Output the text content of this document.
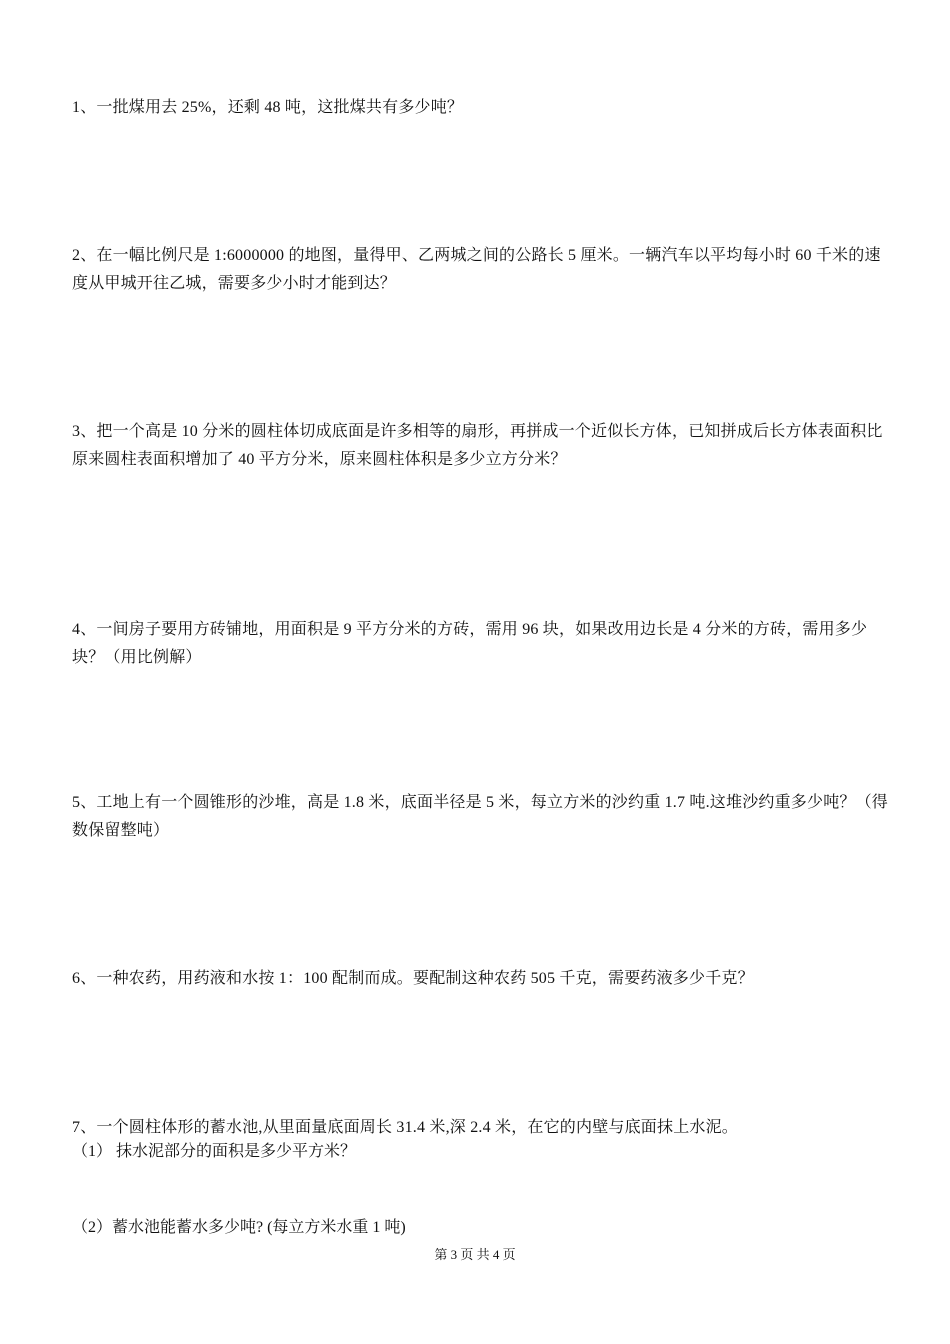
1、一批煤用去 25%，还剩 48 吨，这批煤共有多少吨？

2、在一幅比例尺是 1:6000000 的地图，量得甲、乙两城之间的公路长 5 厘米。一辆汽车以平均每小时 60 千米的速度从甲城开往乙城，需要多少小时才能到达？

3、把一个高是 10 分米的圆柱体切成底面是许多相等的扇形，再拼成一个近似长方体，已知拼成后长方体表面积比原来圆柱表面积增加了 40 平方分米，原来圆柱体积是多少立方分米？

4、一间房子要用方砖铺地，用面积是 9 平方分米的方砖，需用 96 块，如果改用边长是 4 分米的方砖，需用多少块？（用比例解）

5、工地上有一个圆锥形的沙堆，高是 1.8 米，底面半径是 5 米，每立方米的沙约重 1.7 吨.这堆沙约重多少吨？（得数保留整吨）

6、一种农药，用药液和水按 1：100 配制而成。要配制这种农药 505 千克，需要药液多少千克？

7、一个圆柱体形的蓄水池,从里面量底面周长 31.4 米,深 2.4 米，在它的内壁与底面抹上水泥。

（1） 抹水泥部分的面积是多少平方米？

（2）蓄水池能蓄水多少吨? (每立方米水重 1 吨)

第 3 页 共 4 页
